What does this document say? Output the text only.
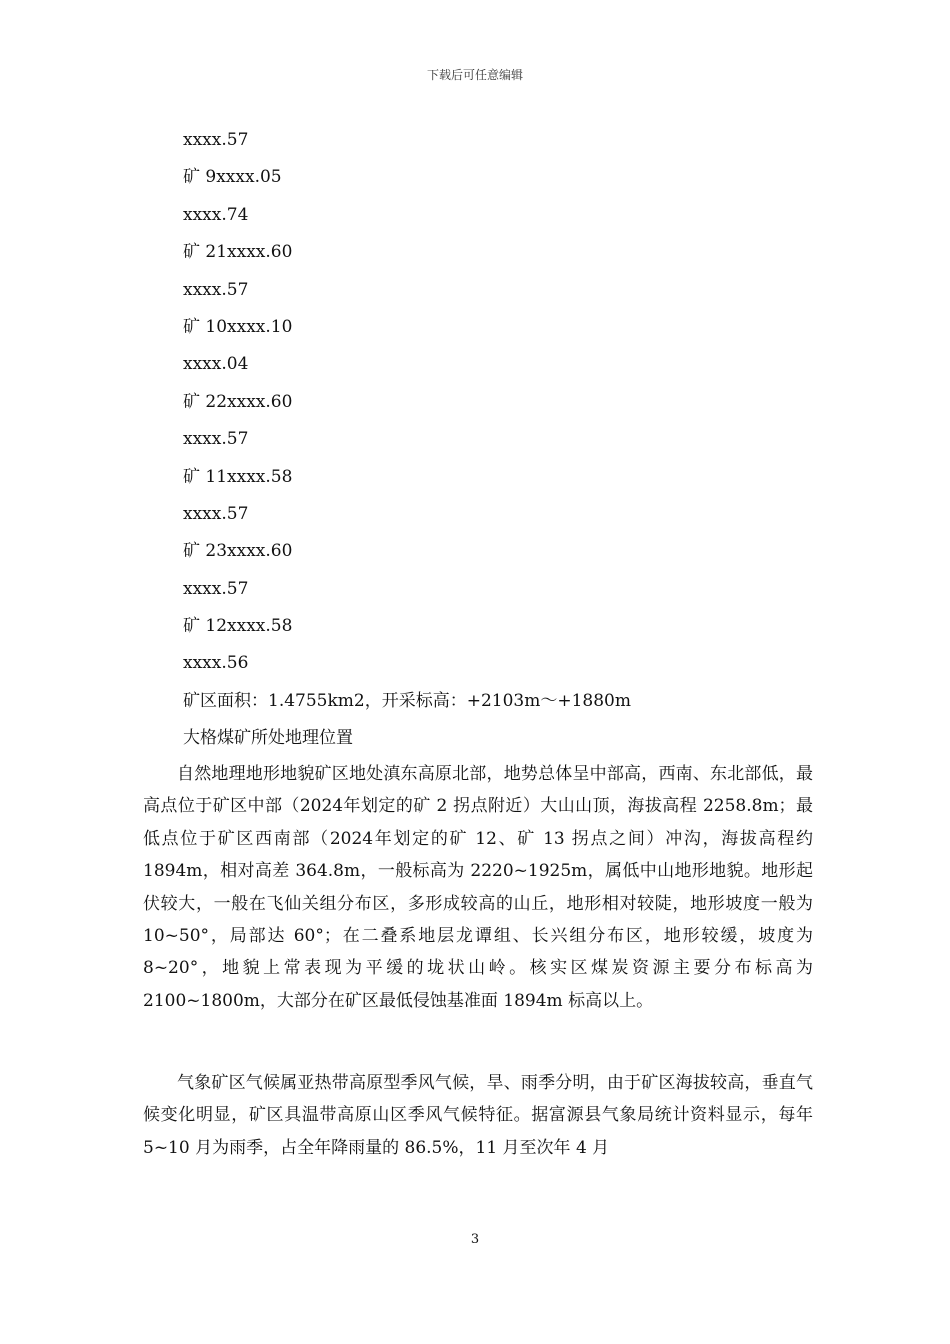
下载后可任意编辑
xxxx.57
矿 9xxxx.05
xxxx.74
矿 21xxxx.60
xxxx.57
矿 10xxxx.10
xxxx.04
矿 22xxxx.60
xxxx.57
矿 11xxxx.58
xxxx.57
矿 23xxxx.60
xxxx.57
矿 12xxxx.58
xxxx.56
矿区面积：1.4755km2，开采标高：+2103m～+1880m
大格煤矿所处地理位置
自然地理地形地貌矿区地处滇东高原北部，地势总体呈中部高，西南、东北部低，最高点位于矿区中部（2024年划定的矿 2 拐点附近）大山山顶，海拔高程 2258.8m；最低点位于矿区西南部（2024年划定的矿 12、矿 13 拐点之间）冲沟，海拔高程约 1894m，相对高差 364.8m，一般标高为 2220~1925m，属低中山地形地貌。地形起伏较大，一般在飞仙关组分布区，多形成较高的山丘，地形相对较陡，地形坡度一般为 10~50°，局部达 60°；在二叠系地层龙谭组、长兴组分布区，地形较缓，坡度为 8~20°，地貌上常表现为平缓的垅状山岭。核实区煤炭资源主要分布标高为 2100~1800m，大部分在矿区最低侵蚀基准面 1894m 标高以上。
气象矿区气候属亚热带高原型季风气候，旱、雨季分明，由于矿区海拔较高，垂直气候变化明显，矿区具温带高原山区季风气候特征。据富源县气象局统计资料显示，每年 5~10 月为雨季，占全年降雨量的 86.5%，11 月至次年 4 月
3
